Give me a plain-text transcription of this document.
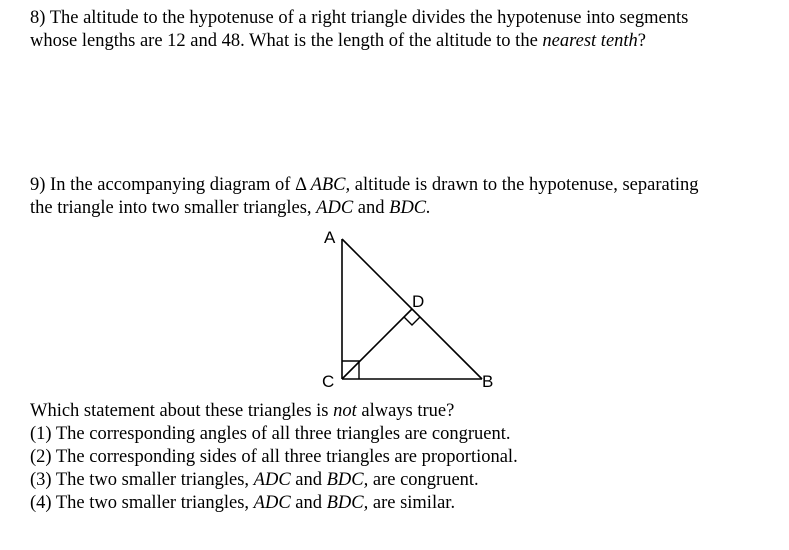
8) The altitude to the hypotenuse of a right triangle divides the hypotenuse into segments
whose lengths are 12 and 48. What is the length of the altitude to the nearest tenth?
9) In the accompanying diagram of Δ ABC, altitude is drawn to the hypotenuse, separating
the triangle into two smaller triangles, ADC and BDC.
A
D
C	B
Which statement about these triangles is not always true?
(1) The corresponding angles of all three triangles are congruent.
(2) The corresponding sides of all three triangles are proportional.
(3) The two smaller triangles, ADC and BDC, are congruent.
(4) The two smaller triangles, ADC and BDC, are similar.
